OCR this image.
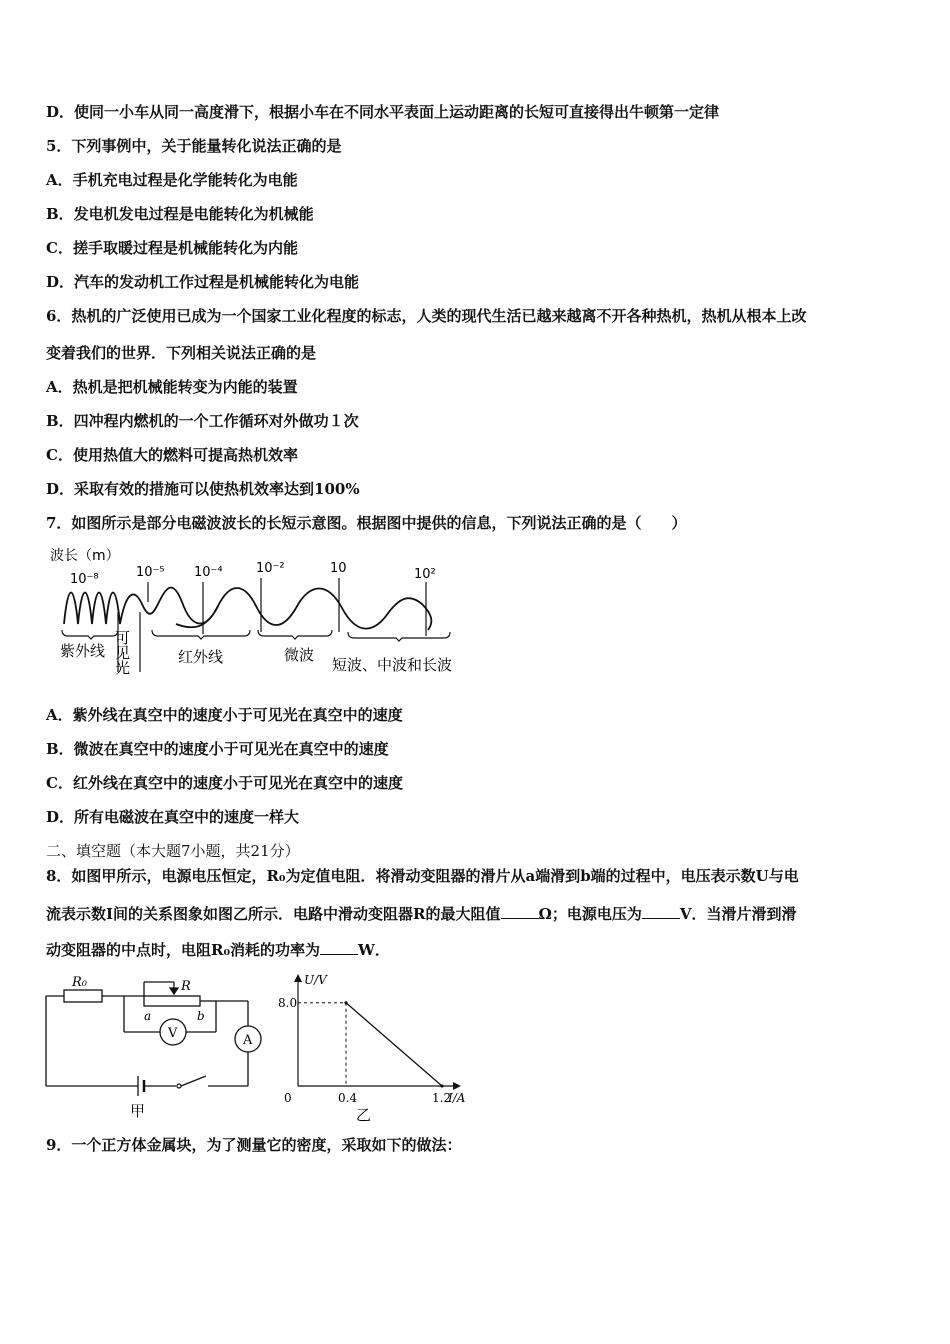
D．使同一小车从同一高度滑下，根据小车在不同水平表面上运动距离的长短可直接得出牛顿第一定律
5．下列事例中，关于能量转化说法正确的是
A．手机充电过程是化学能转化为电能
B．发电机发电过程是电能转化为机械能
C．搓手取暖过程是机械能转化为内能
D．汽车的发动机工作过程是机械能转化为电能
6．热机的广泛使用已成为一个国家工业化程度的标志，人类的现代生活已越来越离不开各种热机，热机从根本上改
变着我们的世界．下列相关说法正确的是
A．热机是把机械能转变为内能的装置
B．四冲程内燃机的一个工作循环对外做功１次
C．使用热值大的燃料可提高热机效率
D．采取有效的措施可以使热机效率达到100%
7．如图所示是部分电磁波波长的长短示意图。根据图中提供的信息，下列说法正确的是（　　）
波长（m）
10⁻⁸	10⁻⁵ 10⁻⁴	10⁻²	10	10²
紫外线 可见光	红外线	微波
短波、中波和长波
A．紫外线在真空中的速度小于可见光在真空中的速度
B．微波在真空中的速度小于可见光在真空中的速度
C．红外线在真空中的速度小于可见光在真空中的速度
D．所有电磁波在真空中的速度一样大
二、填空题（本大题7小题，共21分）
8．如图甲所示，电源电压恒定，R₀为定值电阻．将滑动变阻器的滑片从a端滑到b端的过程中，电压表示数U与电
流表示数I间的关系图象如图乙所示．电路中滑动变阻器R的最大阻值	Ω；电源电压为	V．当滑片滑到滑
动变阻器的中点时，电阻R₀消耗的功率为	W．
R₀	R
a	b
V	A
甲
U/V
I/A
8.0
0	0.4	1.2
乙
9．一个正方体金属块，为了测量它的密度，采取如下的做法：
